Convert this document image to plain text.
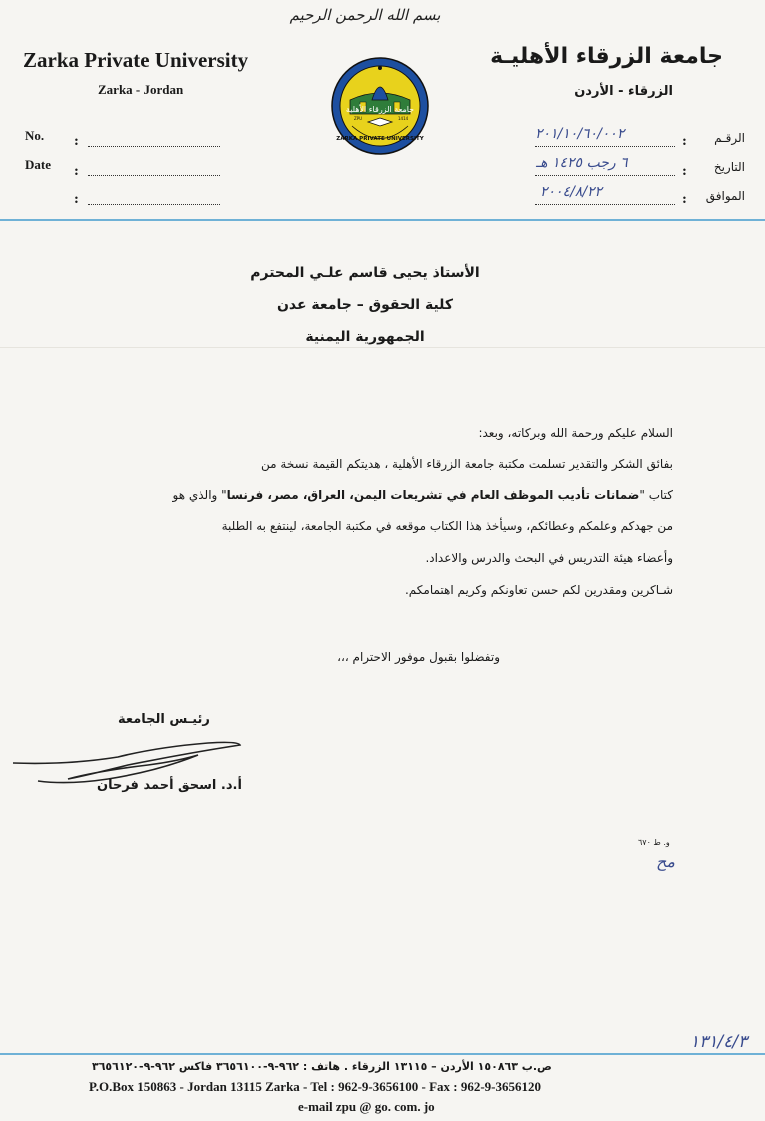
بسم الله الرحمن الرحيم
Zarka Private University
Zarka - Jordan
جامعة الزرقاء الأهليـة
الزرقاء - الأردن
جامعة الزرقاء الأهلية
ZPU	1414
ZARKA PRIVATE UNIVERSITY
No. :
Date :
:
الرقـم
:
٢٠١/١٠/٦٠/٠٠٢
التاريخ
:
٦ رجب ١٤٢٥ هـ
الموافق
:
٢٠٠٤/٨/٢٢
الأستاذ يحيى قاسم علـي المحترم
كلية الحقوق – جامعة عدن
الجمهورية اليمنية
السلام عليكم ورحمة الله وبركاته، وبعد:
بفائق الشكر والتقدير تسلمت مكتبة جامعة الزرقاء الأهلية ، هديتكم القيمة نسخة من
كتاب "ضمانات تأديب الموظف العام في تشريعات اليمن، العراق، مصر، فرنسا" والذي هو
من جهدكم وعلمكم وعطائكم، وسيأخذ هذا الكتاب موقعه في مكتبة الجامعة، لينتفع به الطلبة
وأعضاء هيئة التدريس في البحث والدرس والاعداد.
شـاكرين ومقدرين لكم حسن تعاونكم وكريم اهتمامكم.
وتفضلوا بقبول موفور الاحترام ،،،
رئيـس الجامعة
أ.د. اسحق أحمد فرحان
و. ط ٦٧٠
مح
١٣١/٤/٣
ص.ب ١٥٠٨٦٣ الأردن – ١٣١١٥ الزرقاء . هاتف : ٩٦٢-٩-٣٦٥٦١٠٠ فاكس ٩٦٢-٩-٣٦٥٦١٢٠
P.O.Box 150863 - Jordan 13115 Zarka - Tel : 962-9-3656100 - Fax : 962-9-3656120
e-mail zpu @ go. com. jo
